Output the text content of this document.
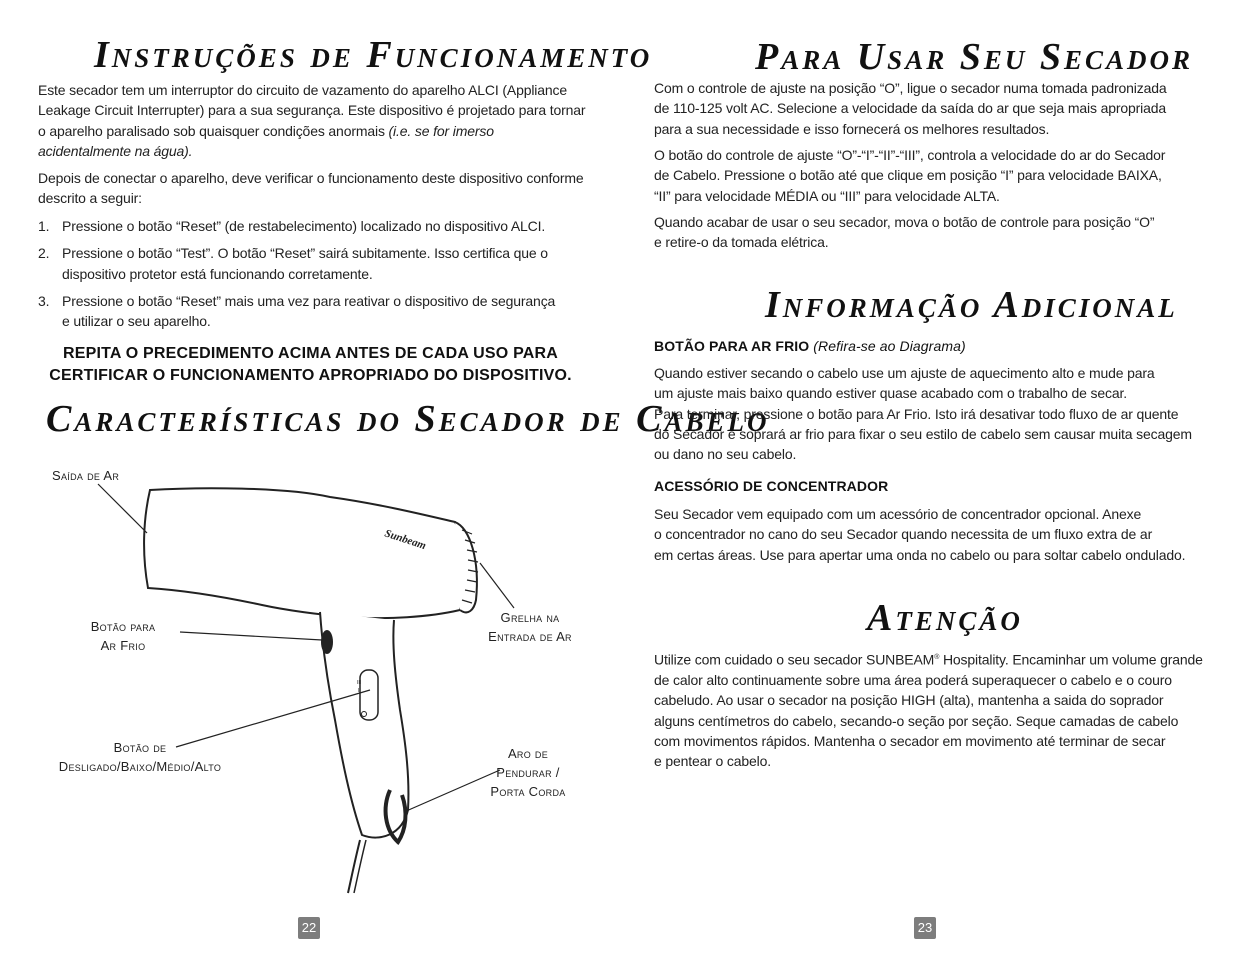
Instruções de Funcionamento
Este secador tem um interruptor do circuito de vazamento do aparelho ALCI (Appliance
Leakage Circuit Interrupter) para a sua segurança. Este dispositivo é projetado para tornar
o aparelho paralisado sob quaisquer condições anormais (i.e. se for imerso
acidentalmente na água).
Depois de conectar o aparelho, deve verificar o funcionamento deste dispositivo conforme
descrito a seguir:
1. Pressione o botão “Reset” (de restabelecimento) localizado no dispositivo ALCI.
2. Pressione o botão “Test”. O botão “Reset” sairá subitamente. Isso certifica que o
dispositivo protetor está funcionando corretamente.
3. Pressione o botão “Reset” mais uma vez para reativar o dispositivo de segurança
e utilizar o seu aparelho.
REPITA O PRECEDIMENTO ACIMA ANTES DE CADA USO PARA
CERTIFICAR O FUNCIONAMENTO APROPRIADO DO DISPOSITIVO.
Características do Secador de Cabelo
III
II
I
Sunbeam
Saída de Ar
Botão para
Ar Frio
Grelha na
Entrada de Ar
Botão de
Desligado/Baixo/Médio/Alto
Aro de
Pendurar /
Porta Corda
22
Para Usar Seu Secador
Com o controle de ajuste na posição “O”, ligue o secador numa tomada padronizada
de 110-125 volt AC. Selecione a velocidade da saída do ar que seja mais apropriada
para a sua necessidade e isso fornecerá os melhores resultados.
O botão do controle de ajuste “O”-“I”-“II”-“III”, controla a velocidade do ar do Secador
de Cabelo. Pressione o botão até que clique em posição “I” para velocidade BAIXA,
“II” para velocidade MÉDIA ou “III” para velocidade ALTA.
Quando acabar de usar o seu secador, mova o botão de controle para posição “O”
e retire-o da tomada elétrica.
Informação Adicional
BOTÃO PARA AR FRIO (Refira-se ao Diagrama)
Quando estiver secando o cabelo use um ajuste de aquecimento alto e mude para
um ajuste mais baixo quando estiver quase acabado com o trabalho de secar.
Para terminar, pressione o botão para Ar Frio. Isto irá desativar todo fluxo de ar quente
do Secador e soprará ar frio para fixar o seu estilo de cabelo sem causar muita secagem
ou dano no seu cabelo.
ACESSÓRIO DE CONCENTRADOR
Seu Secador vem equipado com um acessório de concentrador opcional. Anexe
o concentrador no cano do seu Secador quando necessita de um fluxo extra de ar
em certas áreas. Use para apertar uma onda no cabelo ou para soltar cabelo ondulado.
Atenção
Utilize com cuidado o seu secador SUNBEAM® Hospitality. Encaminhar um volume grande
de calor alto continuamente sobre uma área poderá superaquecer o cabelo e o couro
cabeludo. Ao usar o secador na posição HIGH (alta), mantenha a saida do soprador
alguns centímetros do cabelo, secando-o seção por seção. Seque camadas de cabelo
com movimentos rápidos. Mantenha o secador em movimento até terminar de secar
e pentear o cabelo.
23
